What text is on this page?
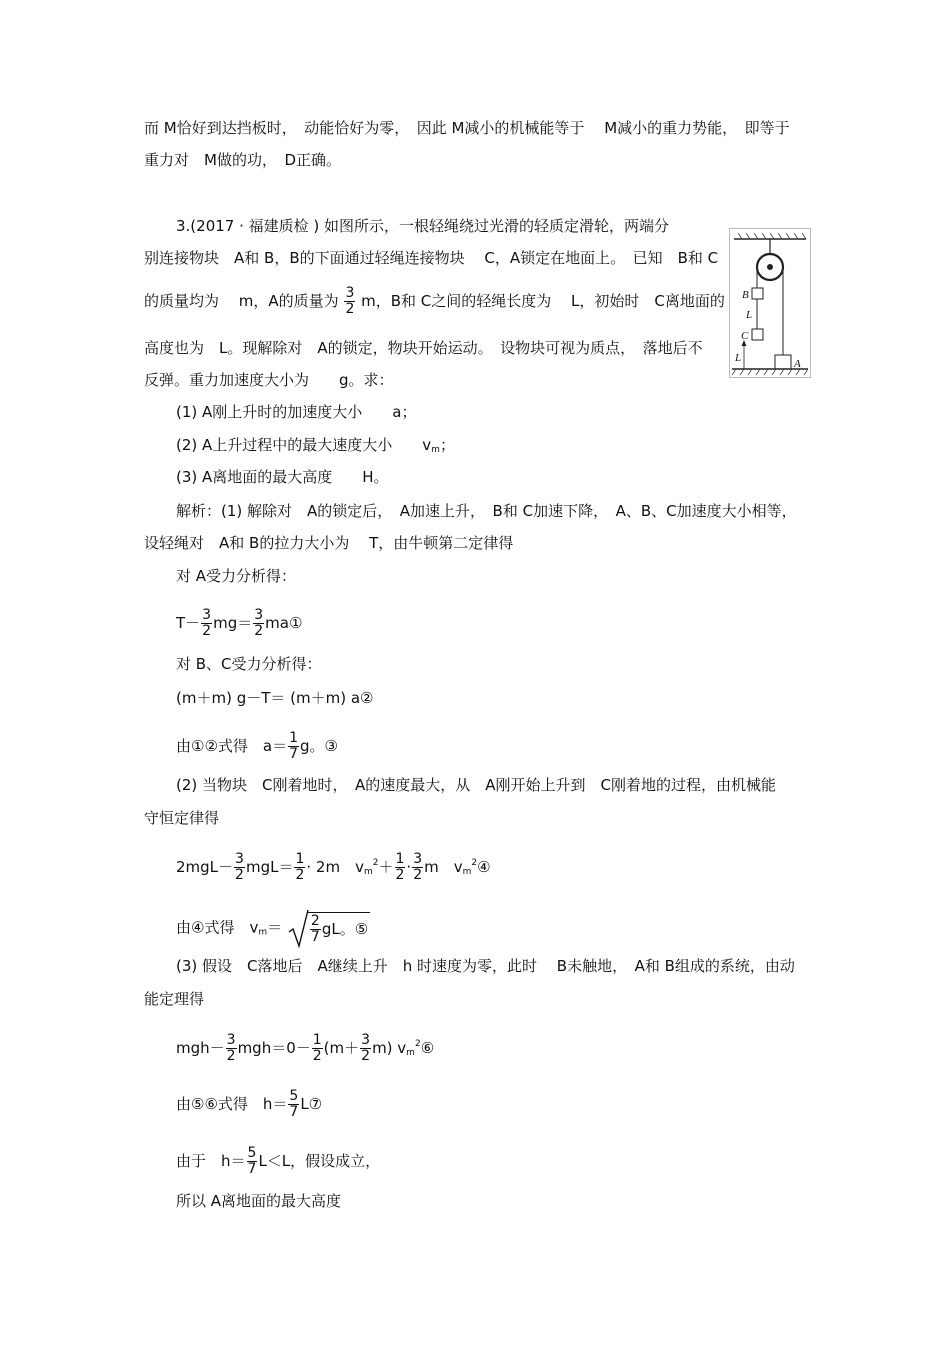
而 M恰好到达挡板时，　动能恰好为零，　因此 M减小的机械能等于　 M减小的重力势能，　即等于
重力对　M做的功，　D正确。
3.(2017 · 福建质检 ) 如图所示，一根轻绳绕过光滑的轻质定滑轮，两端分
别连接物块　A和 B，B的下面通过轻绳连接物块　 C，A锁定在地面上。　已知　B和 C
的质量均为　 m，A的质量为 $\frac{3}{2}$ m，B和 C之间的轻绳长度为　 L，初始时　C离地面的
高度也为　L。现解除对　A的锁定，物块开始运动。　设物块可视为质点，　落地后不
反弹。重力加速度大小为　　g。求：
(1) A刚上升时的加速度大小　　a；
(2) A上升过程中的最大速度大小　　$v_m$；
(3) A离地面的最大高度　　H。
B
L
C
L	A
解析：(1) 解除对　A的锁定后，　A加速上升，　B和 C加速下降，　A、B、C加速度大小相等，
设轻绳对　A和 B的拉力大小为　 T，由牛顿第二定律得
对 A受力分析得：
$T- \frac{3}{2} mg= \frac{3}{2}$ ma①
对 B、C受力分析得：
(m＋m) g－T＝ (m＋m) a②
由①②式得　$a= \frac{1}{7}$ g。③
(2) 当物块　C刚着地时，　A的速度最大，从　A刚开始上升到　C刚着地的过程，由机械能
守恒定律得
$2mgL- \frac{3}{2} mgL= \frac{1}{2} \cdot 2m$　$v_m^2+ \frac{1}{2} \cdot \frac{3}{2}$ m　$v_m^2④$
由④式得　$v_m= \frac{2}{7}$ gL。⑤
(3) 假设　C落地后　A继续上升　h 时速度为零，此时　 B未触地，　A和 B组成的系统，由动
能定理得
$mgh- \frac{3}{2} mgh=0- \frac{1}{2} (m+ \frac{3}{2} m)$ $v_m^2⑥$
由⑤⑥式得　$h= \frac{5}{7}$ L⑦
由于　$h= \frac{5}{7} L<L$，假设成立，
所以 A离地面的最大高度
